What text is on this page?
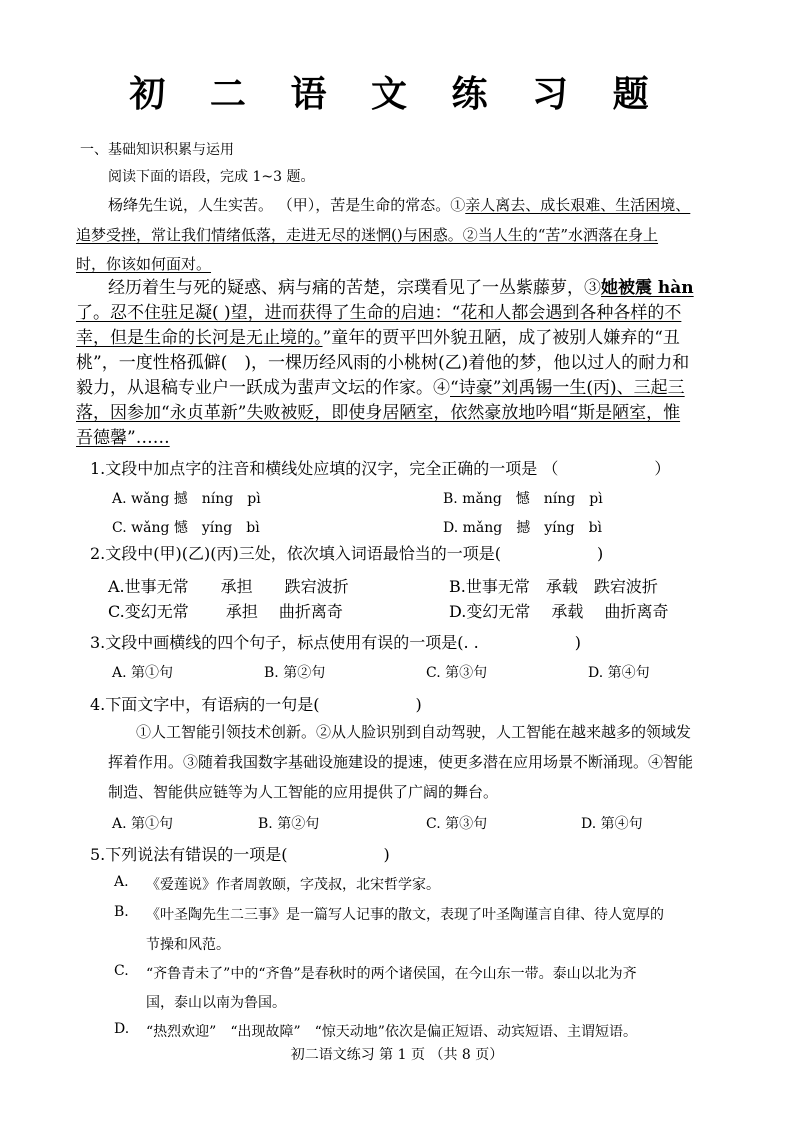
初 二 语 文 练 习 题
一、基础知识积累与运用
阅读下面的语段，完成 1~3 题。
杨绛先生说，人生实苦。 （甲），苦是生命的常态。①亲人离去、成长艰难、生活困境、
追梦受挫，常让我们情绪低落，走进无尽的迷惘()与困惑。②当人生的“苦”水洒落在身上
时，你该如何面对。
经历着生与死的疑惑、病与痛的苦楚，宗璞看见了一丛紫藤萝，③她被震 hàn
了。忍不住驻足凝( )望，进而获得了生命的启迪：“花和人都会遇到各种各样的不
幸，但是生命的长河是无止境的。”童年的贾平凹外貌丑陋，成了被别人嫌弃的“丑
桃”，一度性格孤僻(　)，一棵历经风雨的小桃树(乙)着他的梦，他以过人的耐力和
毅力，从退稿专业户一跃成为蜚声文坛的作家。④“诗豪”刘禹锡一生(丙)、三起三
落，因参加“永贞革新”失败被贬，即使身居陋室，依然豪放地吟唱“斯是陋室，惟
吾德馨”……
1.文段中加点字的注音和横线处应填的汉字，完全正确的一项是 （　　　　　　）
A. wǎng 撼　níng　pì	B. mǎng　憾　níng　pì
C. wǎng 憾　yíng　bì	D. mǎng　撼　yíng　bì
2.文段中(甲)(乙)(丙)三处，依次填入词语最恰当的一项是(　　　　　　)
A.世事无常　　承担　　跌宕波折	B.世事无常　承载　跌宕波折
C.变幻无常　　 承担　 曲折离奇	D.变幻无常　 承载　 曲折离奇
3.文段中画横线的四个句子，标点使用有误的一项是(. .　　　　　　)
A. 第①句	B. 第②句	C. 第③句	D. 第④句
4.下面文字中，有语病的一句是(　　　　　　)
①人工智能引领技术创新。②从人脸识别到自动驾驶，人工智能在越来越多的领域发
挥着作用。③随着我国数字基础设施建设的提速，使更多潜在应用场景不断涌现。④智能
制造、智能供应链等为人工智能的应用提供了广阔的舞台。
A. 第①句	B. 第②句	C. 第③句	D. 第④句
5.下列说法有错误的一项是(　　　　　　)
A. 《爱莲说》作者周敦颐，字茂叔，北宋哲学家。
B. 《叶圣陶先生二三事》是一篇写人记事的散文，表现了叶圣陶谨言自律、待人宽厚的
节操和风范。
C. “齐鲁青未了”中的“齐鲁”是春秋时的两个诸侯国，在今山东一带。泰山以北为齐
国，泰山以南为鲁国。
D. “热烈欢迎”　“出现故障”　“惊天动地”依次是偏正短语、动宾短语、主谓短语。
初二语文练习 第 1 页 （共 8 页）
